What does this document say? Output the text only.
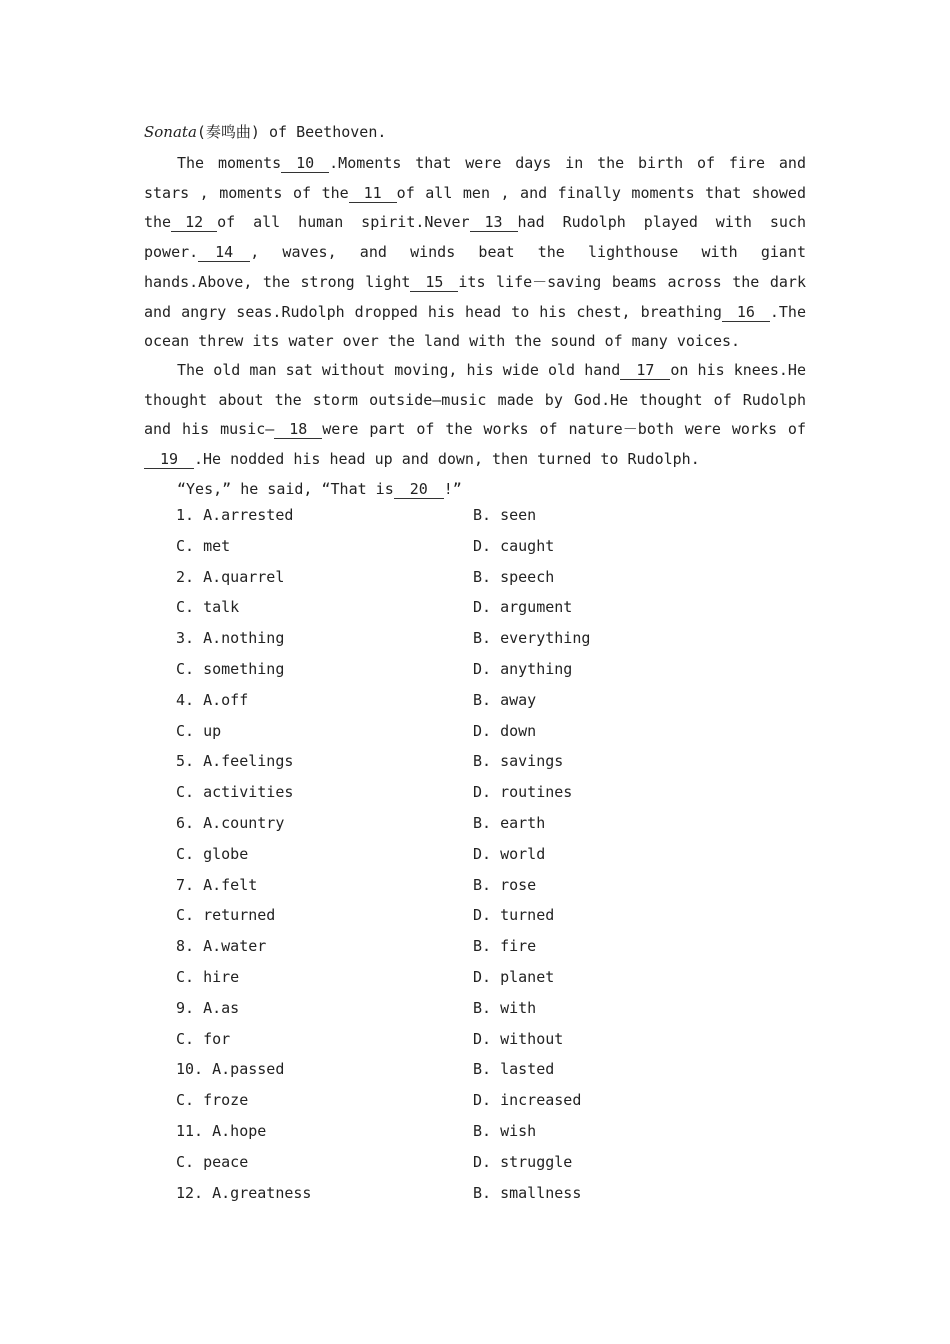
Sonata(奏鸣曲) of Beethoven.
The moments 10 .Moments that were days in the birth of fire and stars , moments of the 11 of all men , and finally moments that showed the 12 of all human spirit.Never 13 had Rudolph played with such power. 14 , waves, and winds beat the lighthouse with giant hands.Above, the strong light 15 its life－saving beams across the dark and angry seas.Rudolph dropped his head to his chest, breathing 16 .The ocean threw its water over the land with the sound of many voices.
The old man sat without moving, his wide old hand 17 on his knees.He thought about the storm outside—music made by God.He thought of Rudolph and his music— 18 were part of the works of nature－both were works of19 .He nodded his head up and down, then turned to Rudolph.
“Yes,” he said, “That is 20 !”
1. A.arrested	B. seen
C. met	D. caught
2. A.quarrel	B. speech
C. talk	D. argument
3. A.nothing	B. everything
C. something	D. anything
4. A.off	B. away
C. up	D. down
5. A.feelings	B. savings
C. activities	D. routines
6. A.country	B. earth
C. globe	D. world
7. A.felt	B. rose
C. returned	D. turned
8. A.water	B. fire
C. hire	D. planet
9. A.as	B. with
C. for	D. without
10. A.passed	B. lasted
C. froze	D. increased
11. A.hope	B. wish
C. peace	D. struggle
12. A.greatness	B. smallness
